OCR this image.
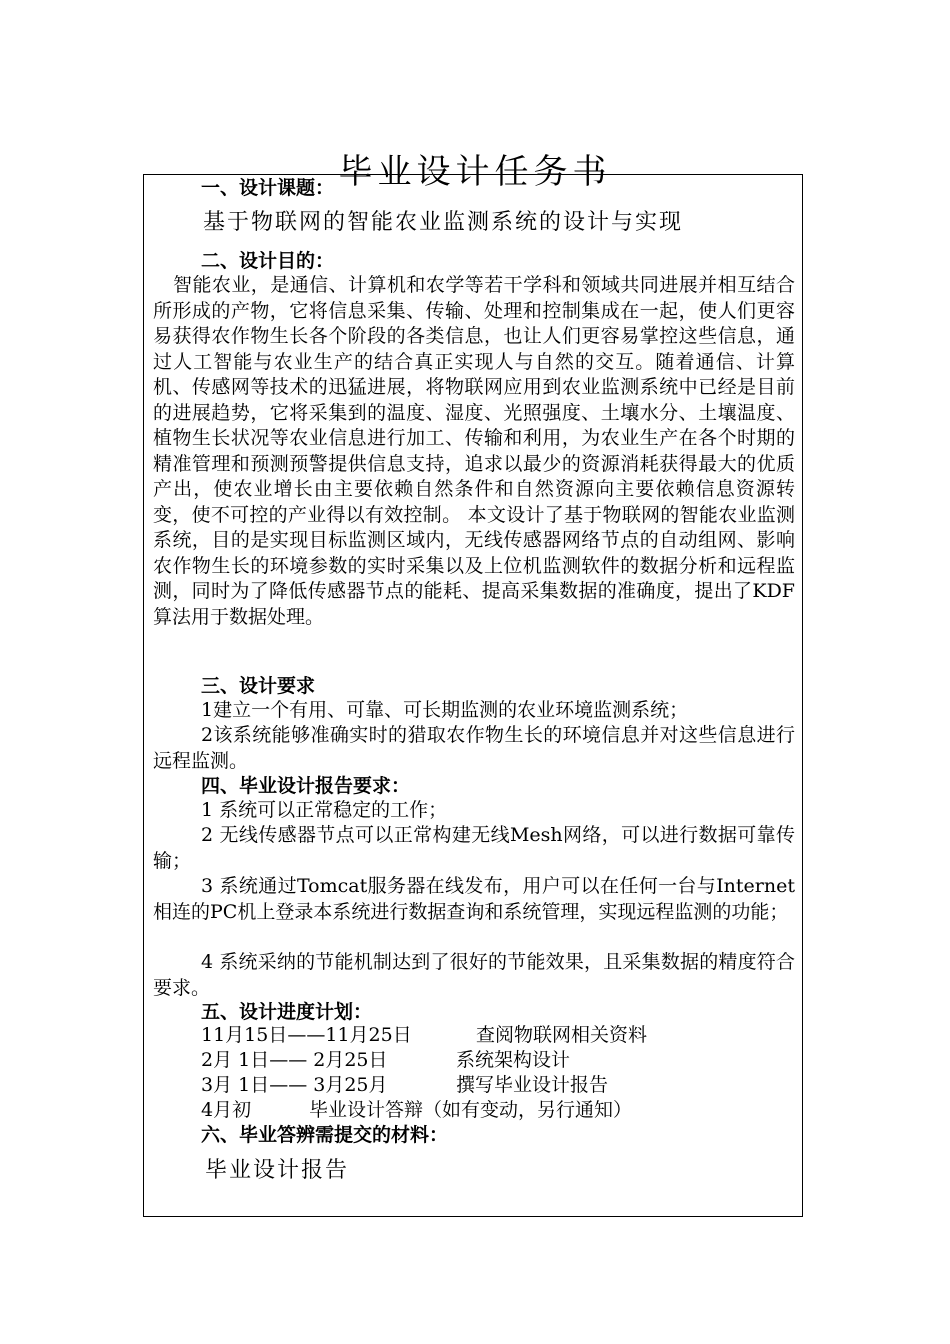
毕业设计任务书
一、设计课题：
基于物联网的智能农业监测系统的设计与实现
二、设计目的：
智能农业，是通信、计算机和农学等若干学科和领域共同进展并相互结合所形成的产物，它将信息采集、传输、处理和控制集成在一起，使人们更容易获得农作物生长各个阶段的各类信息，也让人们更容易掌控这些信息，通过人工智能与农业生产的结合真正实现人与自然的交互。随着通信、计算机、传感网等技术的迅猛进展，将物联网应用到农业监测系统中已经是目前的进展趋势，它将采集到的温度、湿度、光照强度、土壤水分、土壤温度、植物生长状况等农业信息进行加工、传输和利用，为农业生产在各个时期的精准管理和预测预警提供信息支持，追求以最少的资源消耗获得最大的优质产出，使农业增长由主要依赖自然条件和自然资源向主要依赖信息资源转变，使不可控的产业得以有效控制。 本文设计了基于物联网的智能农业监测系统，目的是实现目标监测区域内，无线传感器网络节点的自动组网、影响农作物生长的环境参数的实时采集以及上位机监测软件的数据分析和远程监测，同时为了降低传感器节点的能耗、提高采集数据的准确度，提出了KDF算法用于数据处理。
三、设计要求
1建立一个有用、可靠、可长期监测的农业环境监测系统；
2该系统能够准确实时的猎取农作物生长的环境信息并对这些信息进行远程监测。
四、毕业设计报告要求：
1 系统可以正常稳定的工作；
2 无线传感器节点可以正常构建无线Mesh网络，可以进行数据可靠传输；
3 系统通过Tomcat服务器在线发布，用户可以在任何一台与Internet相连的PC机上登录本系统进行数据查询和系统管理，实现远程监测的功能；
4 系统采纳的节能机制达到了很好的节能效果，且采集数据的精度符合要求。
五、设计进度计划：
11月15日——11月25日	查阅物联网相关资料
2月 1日—— 2月25日	系统架构设计
3月 1日—— 3月25月	撰写毕业设计报告
4月初	毕业设计答辩（如有变动，另行通知）
六、毕业答辨需提交的材料：
毕业设计报告
